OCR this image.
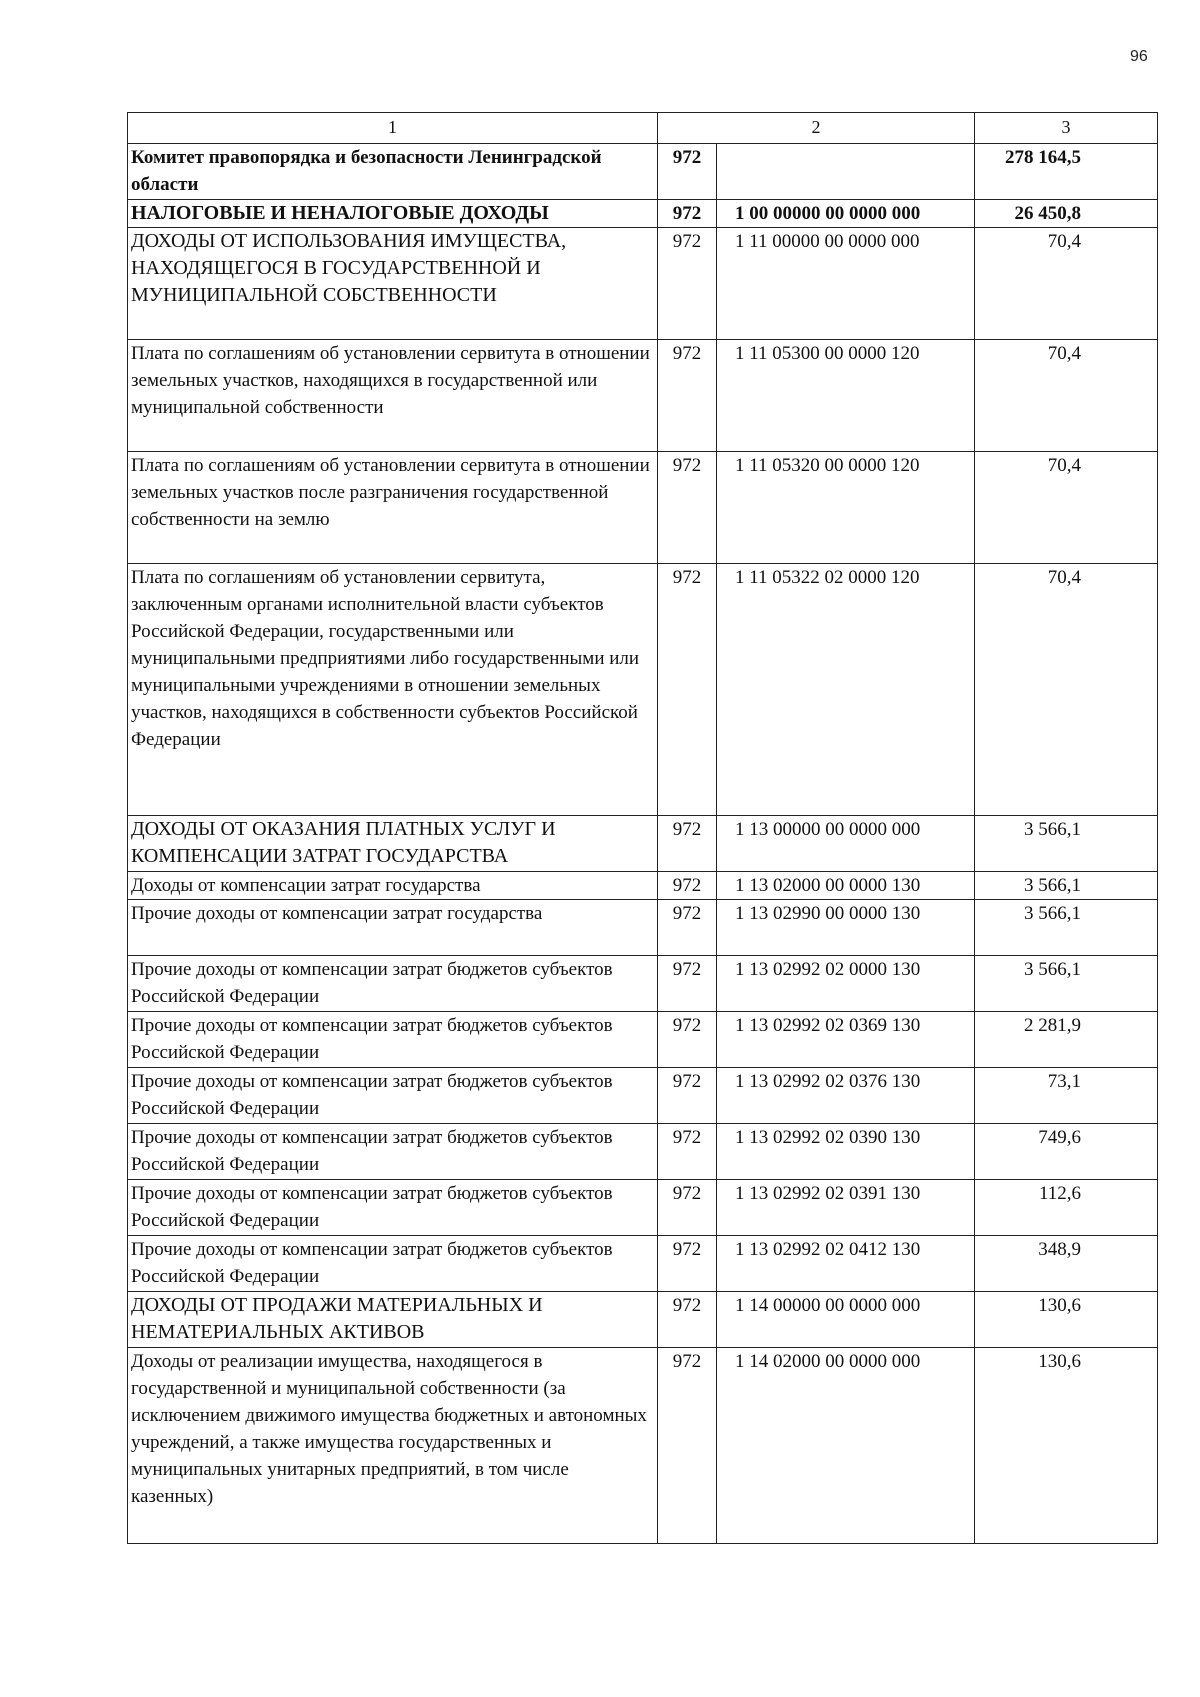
96
1	2		3
Комитет правопорядка и безопасности Ленинградской области	972		278 164,5
НАЛОГОВЫЕ И НЕНАЛОГОВЫЕ ДОХОДЫ	972	1 00 00000 00 0000 000	26 450,8
ДОХОДЫ ОТ ИСПОЛЬЗОВАНИЯ ИМУЩЕСТВА, НАХОДЯЩЕГОСЯ В ГОСУДАРСТВЕННОЙ И МУНИЦИПАЛЬНОЙ СОБСТВЕННОСТИ	972	1 11 00000 00 0000 000	70,4
Плата по соглашениям об установлении сервитута в отношении земельных участков, находящихся в государственной или муниципальной собственности	972	1 11 05300 00 0000 120	70,4
Плата по соглашениям об установлении сервитута в отношении земельных участков после разграничения государственной собственности на землю	972	1 11 05320 00 0000 120	70,4
Плата по соглашениям об установлении сервитута, заключенным органами исполнительной власти субъектов Российской Федерации, государственными или муниципальными предприятиями либо государственными или муниципальными учреждениями в отношении земельных участков, находящихся в собственности субъектов Российской Федерации	972	1 11 05322 02 0000 120	70,4
ДОХОДЫ ОТ ОКАЗАНИЯ ПЛАТНЫХ УСЛУГ И КОМПЕНСАЦИИ ЗАТРАТ ГОСУДАРСТВА	972	1 13 00000 00 0000 000	3 566,1
Доходы от компенсации затрат государства	972	1 13 02000 00 0000 130	3 566,1
Прочие доходы от компенсации затрат государства	972	1 13 02990 00 0000 130	3 566,1
Прочие доходы от компенсации затрат бюджетов субъектов Российской Федерации	972	1 13 02992 02 0000 130	3 566,1
Прочие доходы от компенсации затрат бюджетов субъектов Российской Федерации	972	1 13 02992 02 0369 130	2 281,9
Прочие доходы от компенсации затрат бюджетов субъектов Российской Федерации	972	1 13 02992 02 0376 130	73,1
Прочие доходы от компенсации затрат бюджетов субъектов Российской Федерации	972	1 13 02992 02 0390 130	749,6
Прочие доходы от компенсации затрат бюджетов субъектов Российской Федерации	972	1 13 02992 02 0391 130	112,6
Прочие доходы от компенсации затрат бюджетов субъектов Российской Федерации	972	1 13 02992 02 0412 130	348,9
ДОХОДЫ ОТ ПРОДАЖИ МАТЕРИАЛЬНЫХ И НЕМАТЕРИАЛЬНЫХ АКТИВОВ	972	1 14 00000 00 0000 000	130,6
Доходы от реализации имущества, находящегося в государственной и муниципальной собственности (за исключением движимого имущества бюджетных и автономных учреждений, а также имущества государственных и муниципальных унитарных предприятий, в том числе казенных)	972	1 14 02000 00 0000 000	130,6
